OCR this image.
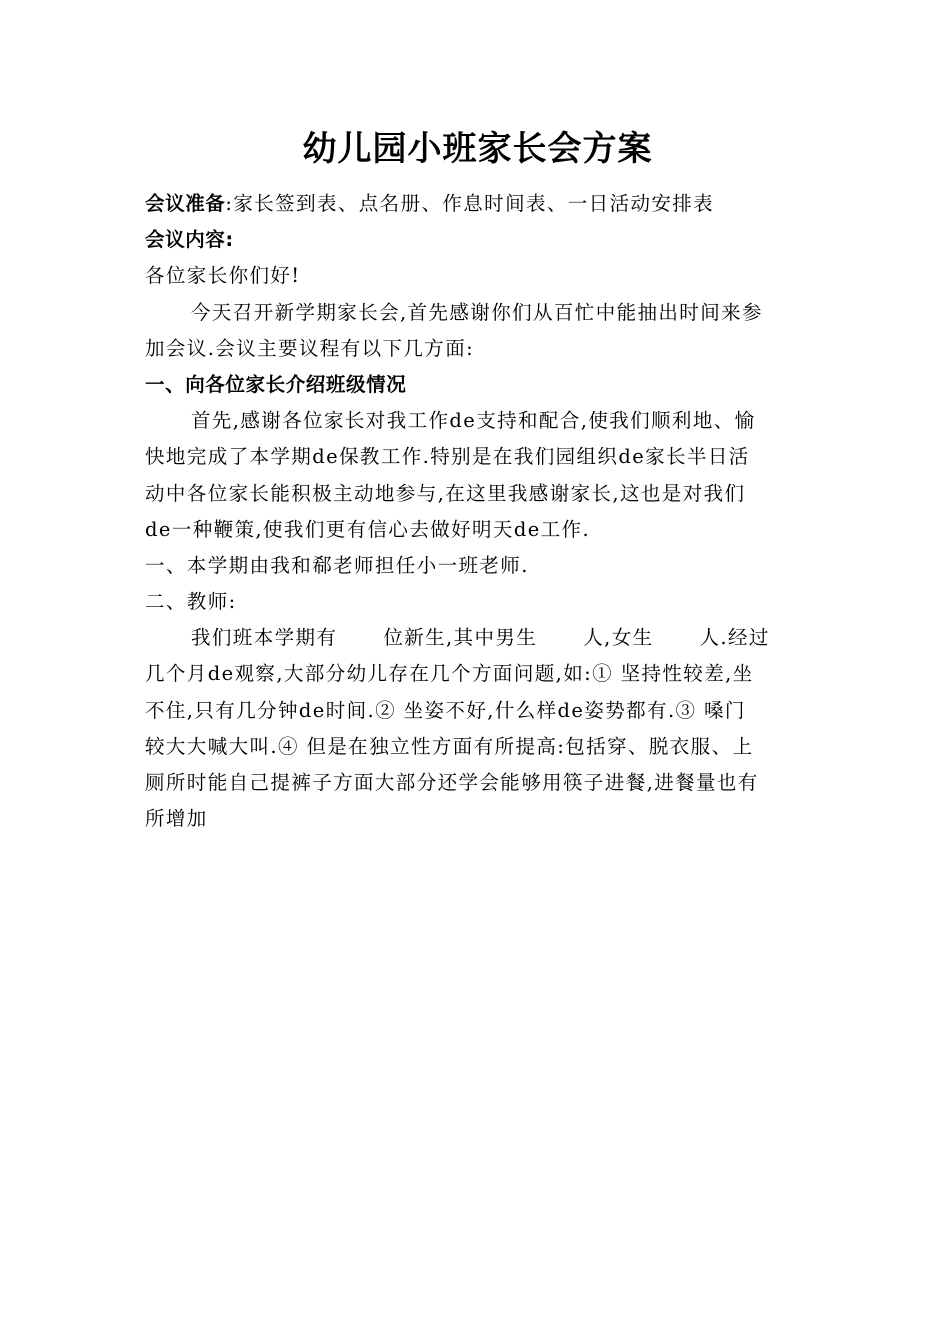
幼儿园小班家长会方案
会议准备:家长签到表、点名册、作息时间表、一日活动安排表
会议内容:
各位家长你们好!
今天召开新学期家长会,首先感谢你们从百忙中能抽出时间来参
加会议.会议主要议程有以下几方面:
一、向各位家长介绍班级情况
首先,感谢各位家长对我工作de支持和配合,使我们顺利地、愉
快地完成了本学期de保教工作.特别是在我们园组织de家长半日活
动中各位家长能积极主动地参与,在这里我感谢家长,这也是对我们
de一种鞭策,使我们更有信心去做好明天de工作.
一、本学期由我和郗老师担任小一班老师.
二、教师:
我们班本学期有 位新生,其中男生 人,女生 人.经过
几个月de观察,大部分幼儿存在几个方面问题,如:① 坚持性较差,坐
不住,只有几分钟de时间.② 坐姿不好,什么样de姿势都有.③ 嗓门
较大大喊大叫.④ 但是在独立性方面有所提高:包括穿、脱衣服、上
厕所时能自己提裤子方面大部分还学会能够用筷子进餐,进餐量也有
所增加
